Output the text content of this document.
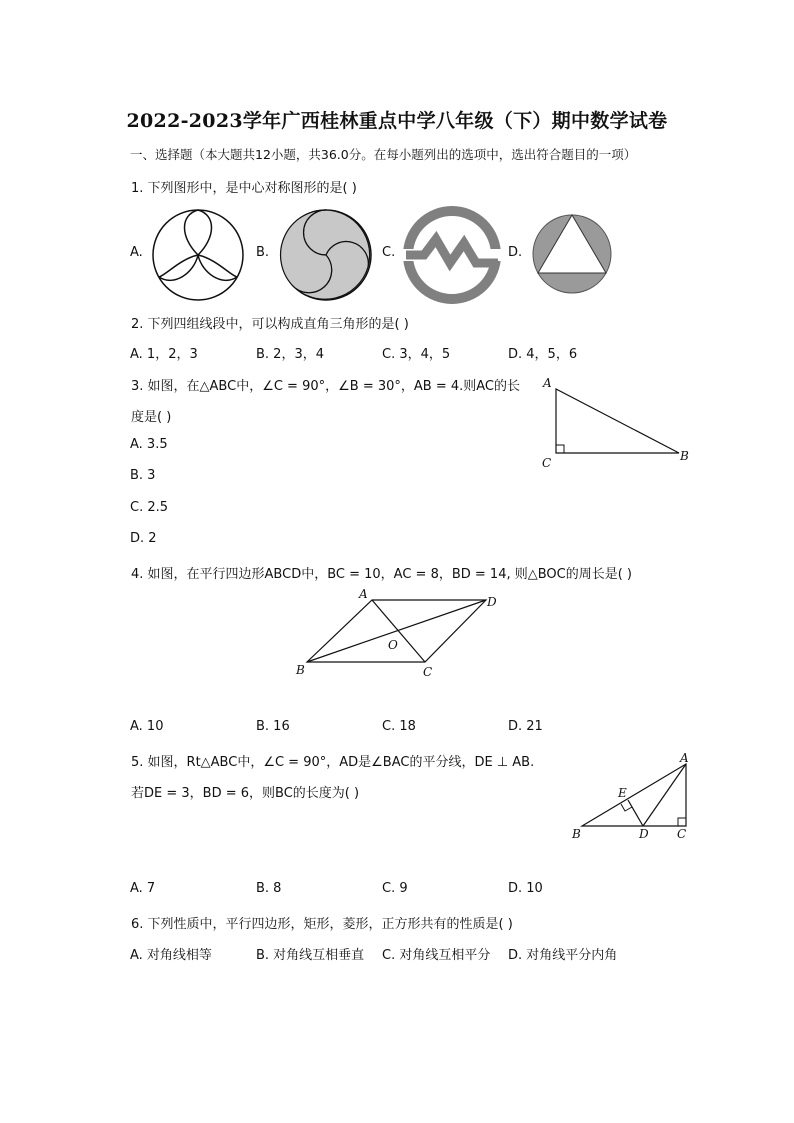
2022-2023学年广西桂林重点中学八年级（下）期中数学试卷
一、选择题（本大题共12小题，共36.0分。在每小题列出的选项中，选出符合题目的一项）
1. 下列图形中，是中心对称图形的是( )
A.	B.	C.	D.
2. 下列四组线段中，可以构成直角三角形的是( )
A. 1，2，3	B. 2，3，4	C. 3，4，5	D. 4，5，6
3. 如图，在△ABC中，∠C = 90°，∠B = 30°，AB = 4.则AC的长
度是( )
A. 3.5
B. 3
C. 2.5
D. 2
A
C	B
4. 如图，在平行四边形ABCD中，BC = 10，AC = 8，BD = 14, 则△BOC的周长是( )
A
D
O
B	C
A. 10	B. 16	C. 18	D. 21
5. 如图，Rt△ABC中，∠C = 90°，AD是∠BAC的平分线，DE ⊥ AB.
若DE = 3，BD = 6，则BC的长度为( )
A
E
B	D C
A. 7	B. 8	C. 9	D. 10
6. 下列性质中，平行四边形，矩形，菱形，正方形共有的性质是( )
A. 对角线相等	B. 对角线互相垂直 C. 对角线互相平分 D. 对角线平分内角
